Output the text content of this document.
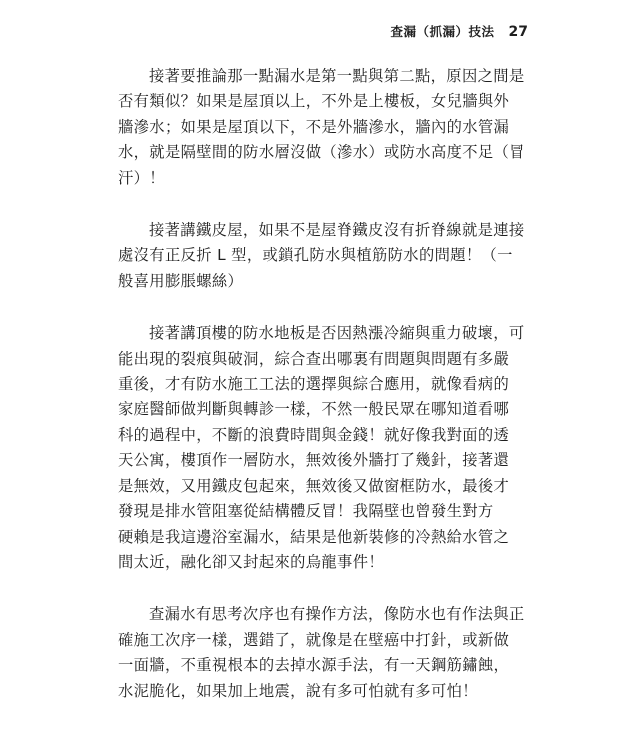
查漏（抓漏）技法 27

接著要推論那一點漏水是第一點與第二點，原因之間是
否有類似？如果是屋頂以上，不外是上樓板，女兒牆與外
牆滲水；如果是屋頂以下，不是外牆滲水，牆內的水管漏
水，就是隔壁間的防水層沒做（滲水）或防水高度不足（冒
汗）！

接著講鐵皮屋，如果不是屋脊鐵皮沒有折脊線就是連接
處沒有正反折 L 型，或鎖孔防水與植筋防水的問題！（一
般喜用膨脹螺絲）

接著講頂樓的防水地板是否因熱漲冷縮與重力破壞，可
能出現的裂痕與破洞，綜合查出哪裏有問題與問題有多嚴
重後，才有防水施工工法的選擇與綜合應用，就像看病的
家庭醫師做判斷與轉診一樣，不然一般民眾在哪知道看哪
科的過程中，不斷的浪費時間與金錢！就好像我對面的透
天公寓，樓頂作一層防水，無效後外牆打了幾針，接著還
是無效，又用鐵皮包起來，無效後又做窗框防水，最後才
發現是排水管阻塞從結構體反冒！我隔壁也曾發生對方
硬賴是我這邊浴室漏水，結果是他新裝修的冷熱給水管之
間太近，融化卻又封起來的烏龍事件！

查漏水有思考次序也有操作方法，像防水也有作法與正
確施工次序一樣，選錯了，就像是在壁癌中打針，或新做
一面牆，不重視根本的去掉水源手法，有一天鋼筋鏽蝕，
水泥脆化，如果加上地震，說有多可怕就有多可怕！
